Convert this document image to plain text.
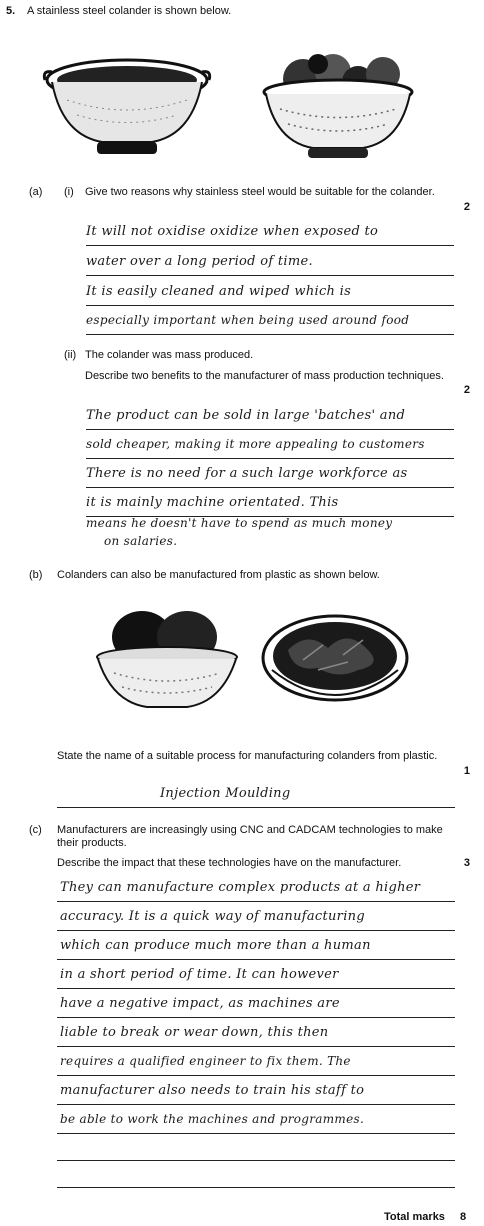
5. A stainless steel colander is shown below.
(a) (i) Give two reasons why stainless steel would be suitable for the colander.
2
It will not oxidise oxidize when exposed to
water over a long period of time.
It is easily cleaned and wiped which is
especially important when being used around food
(ii) The colander was mass produced.
Describe two benefits to the manufacturer of mass production techniques.
2
The product can be sold in large 'batches' and
sold cheaper, making it more appealing to customers
There is no need for a such large workforce as
it is mainly machine orientated. This
means he doesn't have to spend as much money
on salaries.
(b) Colanders can also be manufactured from plastic as shown below.
State the name of a suitable process for manufacturing colanders from plastic.
1
Injection Moulding
(c) Manufacturers are increasingly using CNC and CADCAM technologies to make their products.
Describe the impact that these technologies have on the manufacturer.	3
They can manufacture complex products at a higher
accuracy. It is a quick way of manufacturing
which can produce much more than a human
in a short period of time. It can however
have a negative impact, as machines are
liable to break or wear down, this then
requires a qualified engineer to fix them. The
manufacturer also needs to train his staff to
be able to work the machines and programmes.
Total marks 8
